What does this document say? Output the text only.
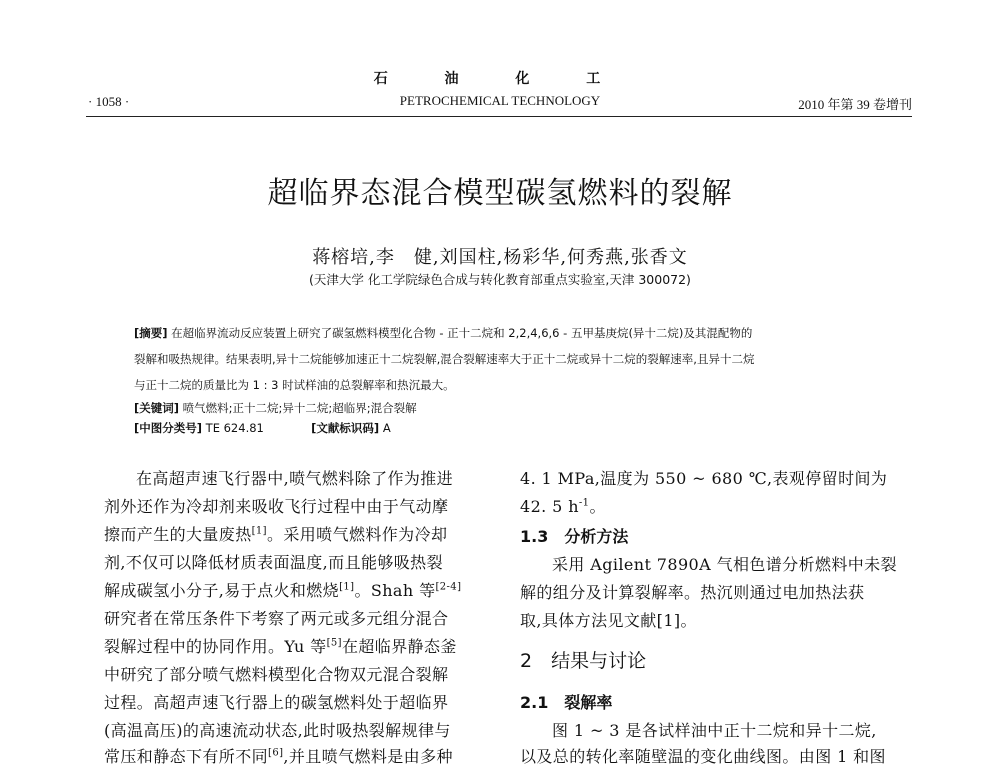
石 油 化 工
PETROCHEMICAL TECHNOLOGY
· 1058 ·	2010 年第 39 卷增刊
超临界态混合模型碳氢燃料的裂解
蒋榕培,李　健,刘国柱,杨彩华,何秀燕,张香文
(天津大学 化工学院绿色合成与转化教育部重点实验室,天津 300072)
[摘要] 在超临界流动反应装置上研究了碳氢燃料模型化合物 - 正十二烷和 2,2,4,6,6 - 五甲基庚烷(异十二烷)及其混配物的
裂解和吸热规律。结果表明,异十二烷能够加速正十二烷裂解,混合裂解速率大于正十二烷或异十二烷的裂解速率,且异十二烷
与正十二烷的质量比为 1 : 3 时试样油的总裂解率和热沉最大。
[关键词] 喷气燃料;正十二烷;异十二烷;超临界;混合裂解
[中图分类号] TE 624.81	[文献标识码] A
在高超声速飞行器中,喷气燃料除了作为推进
剂外还作为冷却剂来吸收飞行过程中由于气动摩
擦而产生的大量废热[1]。采用喷气燃料作为冷却
剂,不仅可以降低材质表面温度,而且能够吸热裂
解成碳氢小分子,易于点火和燃烧[1]。Shah 等[2-4]
研究者在常压条件下考察了两元或多元组分混合
裂解过程中的协同作用。Yu 等[5]在超临界静态釜
中研究了部分喷气燃料模型化合物双元混合裂解
过程。高超声速飞行器上的碳氢燃料处于超临界
(高温高压)的高速流动状态,此时吸热裂解规律与
常压和静态下有所不同[6],并且喷气燃料是由多种
4. 1 MPa,温度为 550 ~ 680 ℃,表观停留时间为
42. 5 $h^{-1}$。
1.3　分析方法
采用 Agilent 7890A 气相色谱分析燃料中未裂
解的组分及计算裂解率。热沉则通过电加热法获
取,具体方法见文献[1]。
2　结果与讨论
2.1　裂解率
图 1 ~ 3 是各试样油中正十二烷和异十二烷,
以及总的转化率随壁温的变化曲线图。由图 1 和图
